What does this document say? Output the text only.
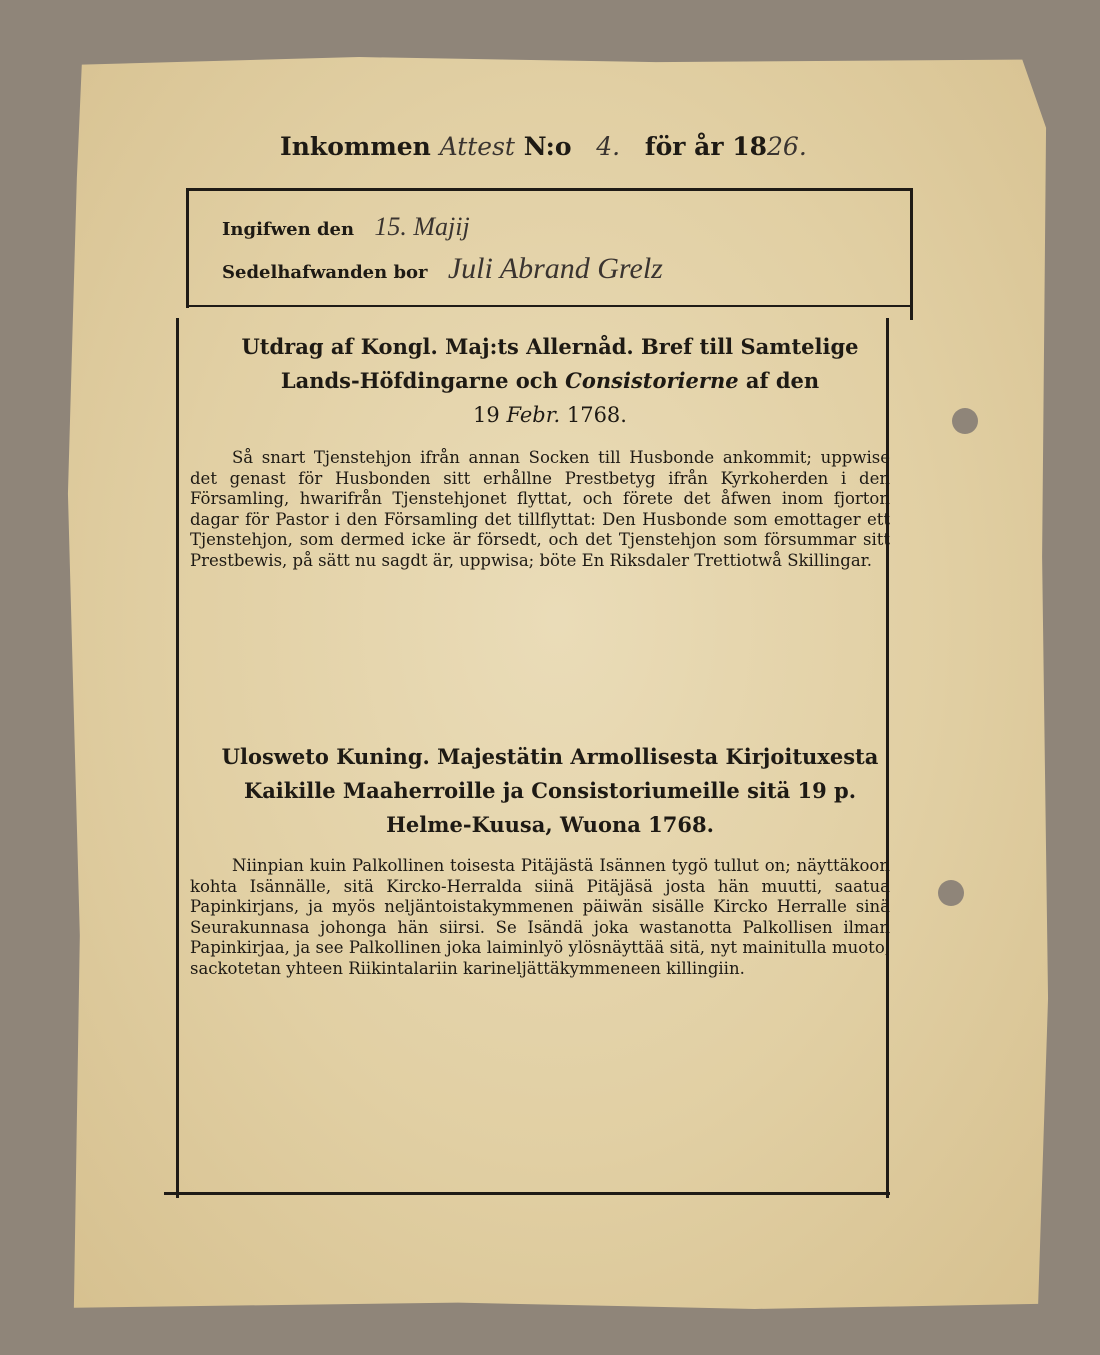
Inkommen Attest N:o 4. för år 1826.
Ingifwen den 15. Majij
Sedelhafwanden bor Juli Abrand Grelz
Utdrag af Kongl. Maj:ts Allernåd. Bref till Samtelige
Lands-Höfdingarne och Consistorierne af den
19 Febr. 1768.
Så snart Tjenstehjon ifrån annan Socken till Husbonde ankommit; uppwise det genast för Husbonden sitt erhållne Prestbetyg ifrån Kyrkoherden i den Församling, hwarifrån Tjenstehjonet flyttat, och förete det åfwen inom fjorton dagar för Pastor i den Församling det tillflyttat: Den Husbonde som emottager ett Tjenstehjon, som dermed icke är försedt, och det Tjenstehjon som försummar sitt Prestbewis, på sätt nu sagdt är, uppwisa; böte En Riksdaler Trettiotwå Skillingar.
Ulosweto Kuning. Majestätin Armollisesta Kirjoituxesta
Kaikille Maaherroille ja Consistoriumeille sitä 19 p.
Helme-Kuusa, Wuona 1768.
Niinpian kuin Palkollinen toisesta Pitäjästä Isännen tygö tullut on; näyttäkoon kohta Isännälle, sitä Kircko-Herralda siinä Pitäjäsä josta hän muutti, saatua Papinkirjans, ja myös neljäntoistakymmenen päiwän sisälle Kircko Herralle sinä Seurakunnasa johonga hän siirsi. Se Isändä joka wastanotta Palkollisen ilman Papinkirjaa, ja see Palkollinen joka laiminlyö ylösnäyttää sitä, nyt mainitulla muoto, sackotetan yhteen Riikintalariin karineljättäkymmeneen killingiin.
